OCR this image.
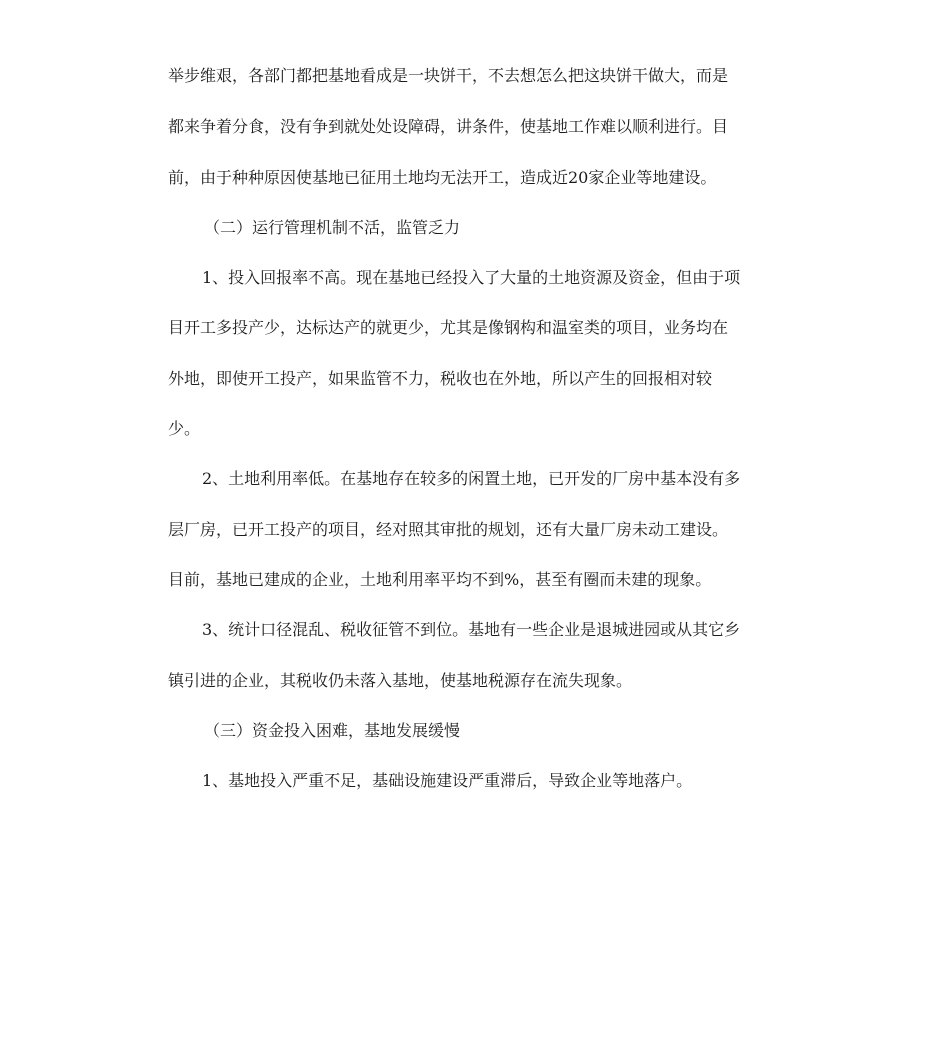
举步维艰，各部门都把基地看成是一块饼干，不去想怎么把这块饼干做大，而是
都来争着分食，没有争到就处处设障碍，讲条件，使基地工作难以顺利进行。目
前，由于种种原因使基地已征用土地均无法开工，造成近20家企业等地建设。
（二）运行管理机制不活，监管乏力
1、投入回报率不高。现在基地已经投入了大量的土地资源及资金，但由于项
目开工多投产少，达标达产的就更少，尤其是像钢构和温室类的项目，业务均在
外地，即使开工投产，如果监管不力，税收也在外地，所以产生的回报相对较
少。
2、土地利用率低。在基地存在较多的闲置土地，已开发的厂房中基本没有多
层厂房，已开工投产的项目，经对照其审批的规划，还有大量厂房未动工建设。
目前，基地已建成的企业，土地利用率平均不到%，甚至有圈而未建的现象。
3、统计口径混乱、税收征管不到位。基地有一些企业是退城进园或从其它乡
镇引进的企业，其税收仍未落入基地，使基地税源存在流失现象。
（三）资金投入困难，基地发展缓慢
1、基地投入严重不足，基础设施建设严重滞后，导致企业等地落户。
